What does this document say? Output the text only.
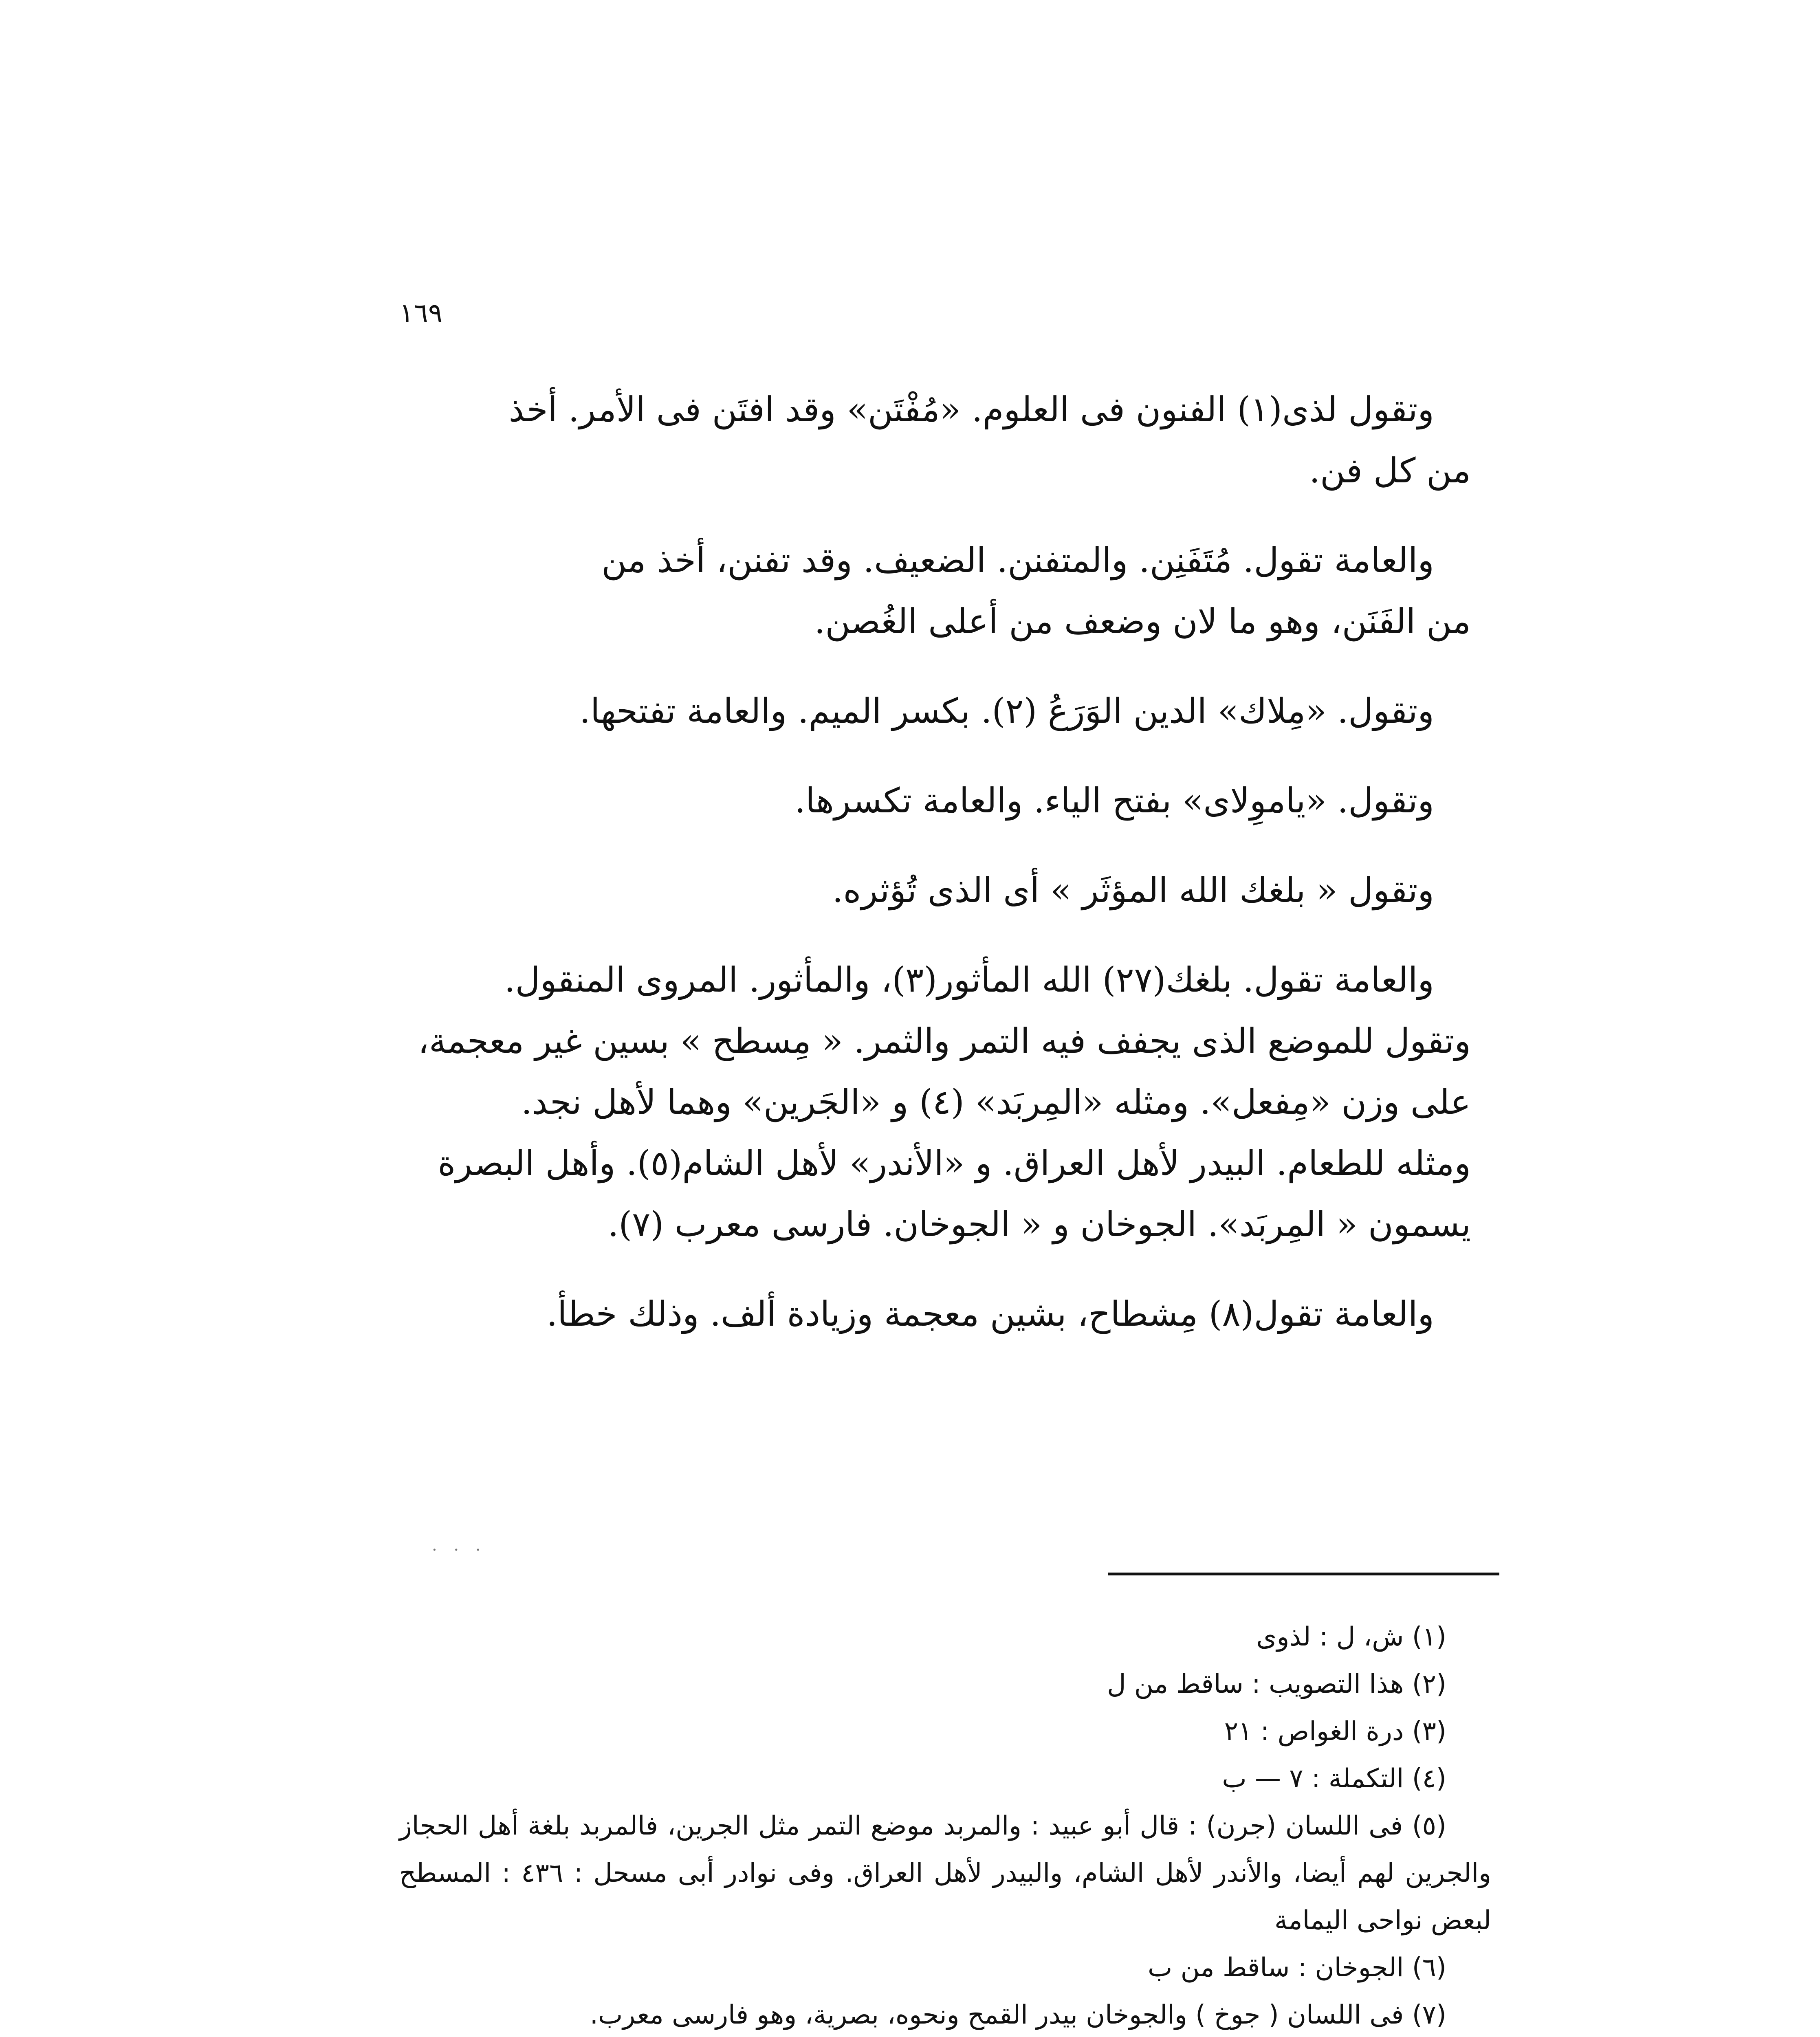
١٦٩

وتقول لذى(١) الفنون فى العلوم. «مُفْتَن» وقد افتَن فى الأمر. أخذ
من كل فن.

والعامة تقول. مُتَفَنِن. والمتفنن. الضعيف. وقد تفنن، أخذ من
من الفَنَن، وهو ما لان وضعف من أعلى الغُصن.

وتقول. «مِلاك» الدين الوَرَعُ (٢). بكسر الميم. والعامة تفتحها.

وتقول. «ياموِلاى» بفتح الياء. والعامة تكسرها.

وتقول « بلغك الله المؤثَر » أى الذى تُؤثره.

والعامة تقول. بلغك(٢٧) الله المأثور(٣)، والمأثور. المروى المنقول.
وتقول للموضع الذى يجفف فيه التمر والثمر. « مِسطح » بسين غير معجمة،
على وزن «مِفعل». ومثله «المِربَد» (٤) و «الجَرين» وهما لأهل نجد.
ومثله للطعام. البيدر لأهل العراق. و «الأندر» لأهل الشام(٥). وأهل البصرة
يسمون « المِربَد». الجوخان و « الجوخان. فارسى معرب (٧).

والعامة تقول(٨) مِشطاح، بشين معجمة وزيادة ألف. وذلك خطأ.

. . .

(١) ش، ل : لذوى

(٢) هذا التصويب : ساقط من ل

(٣) درة الغواص : ٢١

(٤) التكملة : ٧ — ب

(٥) فى اللسان (جرن) : قال أبو عبيد : والمربد موضع التمر مثل الجرين، فالمربد بلغة أهل الحجاز والجرين لهم أيضا، والأندر لأهل الشام، والبيدر لأهل العراق. وفى نوادر أبى مسحل : ٤٣٦ : المسطح لبعض نواحى اليمامة

(٦) الجوخان : ساقط من ب

(٧) فى اللسان ( جوخ ) والجوخان بيدر القمح ونحوه، بصرية، وهو فارسى معرب.
